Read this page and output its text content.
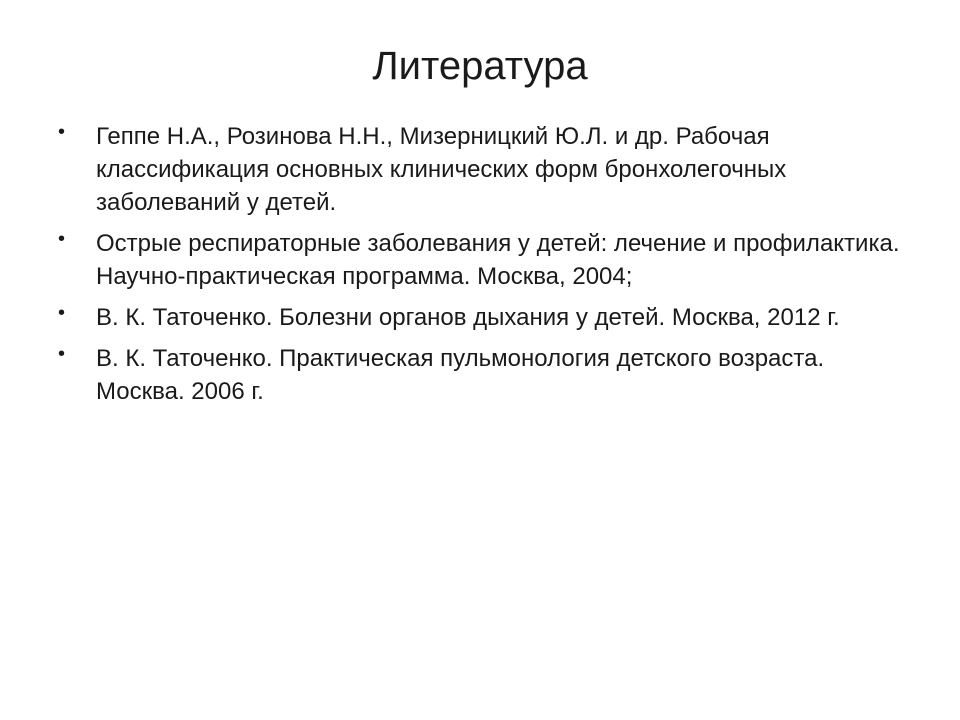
Литература
• Геппе Н.А., Розинова Н.Н., Мизерницкий Ю.Л. и др. Рабочая классификация основных клинических форм бронхолегочных заболеваний у детей.
• Острые респираторные заболевания у детей: лечение и профилактика. Научно-практическая программа. Москва, 2004;
• В. К. Таточенко. Болезни органов дыхания у детей. Москва, 2012 г.
• В. К. Таточенко. Практическая пульмонология детского возраста. Москва. 2006 г.
